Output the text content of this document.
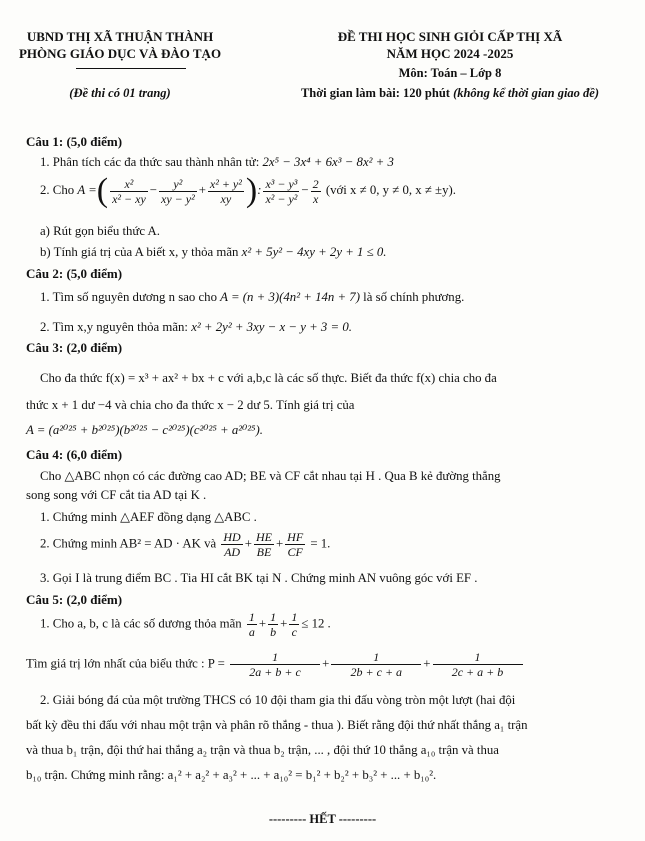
UBND THỊ XÃ THUẬN THÀNH
PHÒNG GIÁO DỤC VÀ ĐÀO TẠO
(Đề thi có 01 trang)
ĐỀ THI HỌC SINH GIỎI CẤP THỊ XÃ
NĂM HỌC 2024 -2025
Môn: Toán – Lớp 8
Thời gian làm bài: 120 phút (không kể thời gian giao đề)
Câu 1: (5,0 điểm)
1. Phân tích các đa thức sau thành nhân tử: 2x⁵ − 3x⁴ + 6x³ − 8x² + 3
2. Cho A =( $\frac{\text{x²}}{\text{x² − xy}} - \frac{\text{y²}}{\text{xy − y²}} + \frac{\text{x² + y²}}{xy}$ ): $\frac{\text{x³ − y³}}{\text{x² − y²}} - \frac{2}{x}$ (với x ≠ 0, y ≠ 0, x ≠ ±y).
a) Rút gọn biểu thức A.
b) Tính giá trị của A biết x, y thỏa mãn x² + 5y² − 4xy + 2y + 1 ≤ 0.
Câu 2: (5,0 điểm)
1. Tìm số nguyên dương n sao cho A = (n + 3)(4n² + 14n + 7) là số chính phương.
2. Tìm x,y nguyên thỏa mãn: x² + 2y² + 3xy − x − y + 3 = 0.
Câu 3: (2,0 điểm)
Cho đa thức f(x) = x³ + ax² + bx + c với a,b,c là các số thực. Biết đa thức f(x) chia cho đa
thức x + 1 dư −4 và chia cho đa thức x − 2 dư 5. Tính giá trị của
A = (a²⁰²⁵ + b²⁰²⁵)(b²⁰²⁵ − c²⁰²⁵)(c²⁰²⁵ + a²⁰²⁵).
Câu 4: (6,0 điểm)
Cho △ABC nhọn có các đường cao AD; BE và CF cắt nhau tại H . Qua B kẻ đường thẳng
song song với CF cắt tia AD tại K .
1. Chứng minh △AEF đồng dạng △ABC .
2. Chứng minh AB² = AD · AK và $\frac{HD}{AD} + \frac{HE}{BE} + \frac{HF}{CF} = 1$.
3. Gọi I là trung điểm BC . Tia HI cắt BK tại N . Chứng minh AN vuông góc với EF .
Câu 5: (2,0 điểm)
1. Cho a, b, c là các số dương thỏa mãn $\frac{1}{a} + \frac{1}{b} + \frac{1}{c} \le 12$ .
Tìm giá trị lớn nhất của biểu thức : $P = \frac{1}{2a + b + c} + \frac{1}{2b + c + a} + \frac{1}{2c + a + b}$
2. Giải bóng đá của một trường THCS có 10 đội tham gia thi đấu vòng tròn một lượt (hai đội
bất kỳ đều thi đấu với nhau một trận và phân rõ thắng - thua ). Biết rằng đội thứ nhất thắng a₁ trận
và thua b₁ trận, đội thứ hai thắng a₂ trận và thua b₂ trận, ... , đội thứ 10 thắng a₁₀ trận và thua
b₁₀ trận. Chứng minh rằng: a₁² + a₂² + a₃² + ... + a₁₀² = b₁² + b₂² + b₃² + ... + b₁₀².
--------- HẾT ---------
